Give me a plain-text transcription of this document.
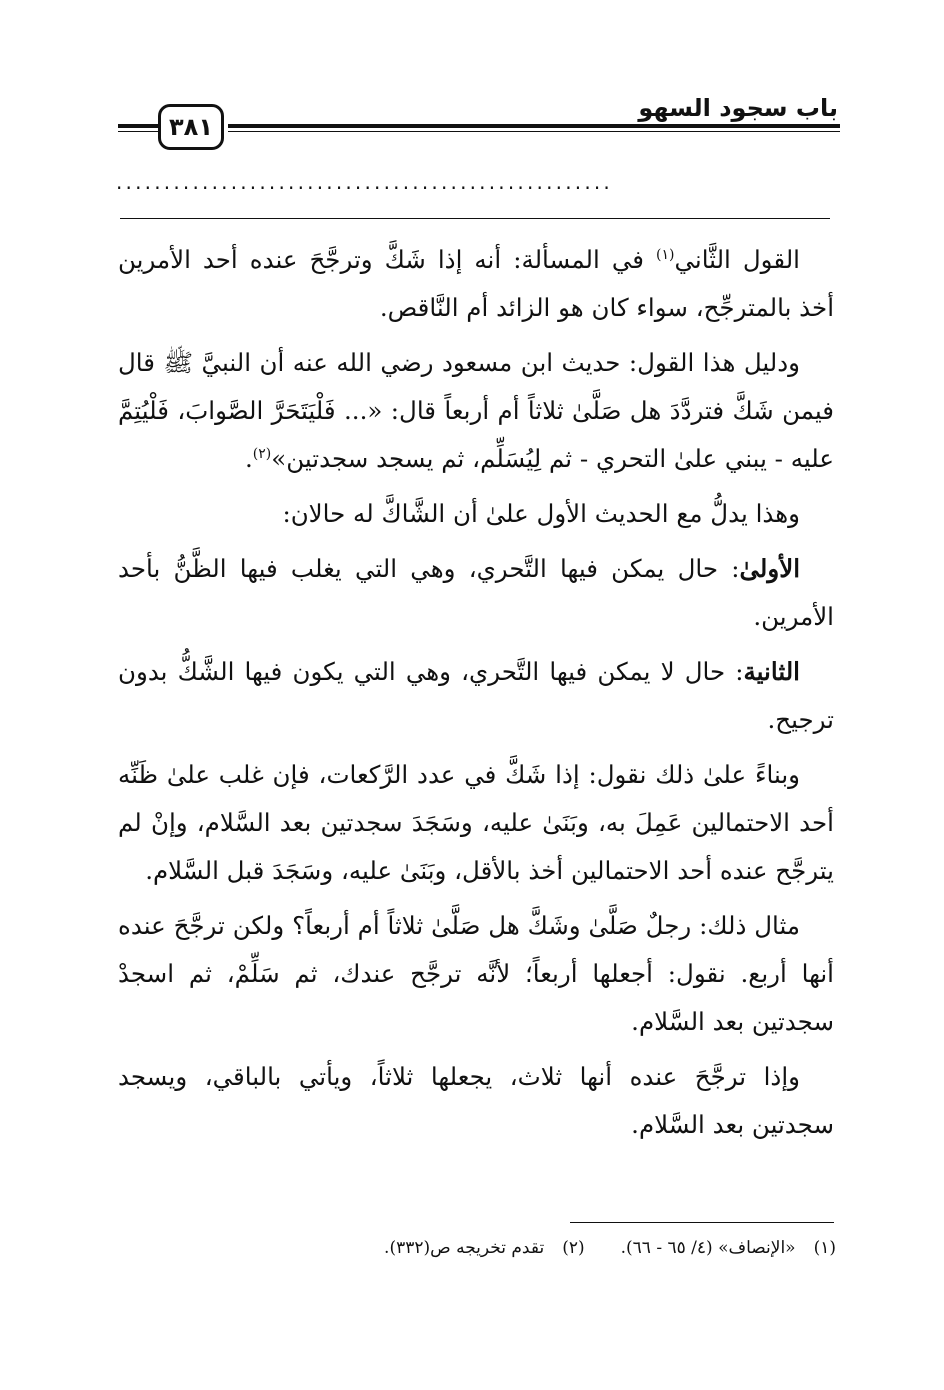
باب سجود السهو
٣٨١
....................................................

القول الثَّاني$^{(١)}$ في المسألة: أنه إذا شَكَّ وترجَّحَ عنده أحد الأمرين أخذ بالمترجِّح، سواء كان هو الزائد أم النَّاقص.

ودليل هذا القول: حديث ابن مسعود رضي الله عنه أن النبيَّ ﷺ قال فيمن شَكَّ فتردَّدَ هل صَلَّىٰ ثلاثاً أم أربعاً قال: «... فَلْيَتَحَرَّ الصَّوابَ، فَلْيُتِمَّ عليه - يبني علىٰ التحري - ثم لِيُسَلِّم، ثم يسجد سجدتين»$^{(٢)}$.

وهذا يدلُّ مع الحديث الأول علىٰ أن الشَّاكَّ له حالان:

الأولىٰ: حال يمكن فيها التَّحري، وهي التي يغلب فيها الظَّنُّ بأحد الأمرين.

الثانية: حال لا يمكن فيها التَّحري، وهي التي يكون فيها الشَّكُّ بدون ترجيح.

وبناءً علىٰ ذلك نقول: إذا شَكَّ في عدد الرَّكعات، فإن غلب علىٰ ظَنِّه أحد الاحتمالين عَمِلَ به، وبَنَىٰ عليه، وسَجَدَ سجدتين بعد السَّلام، وإنْ لم يترجَّح عنده أحد الاحتمالين أخذ بالأقل، وبَنَىٰ عليه، وسَجَدَ قبل السَّلام.

مثال ذلك: رجلٌ صَلَّىٰ وشَكَّ هل صَلَّىٰ ثلاثاً أم أربعاً؟ ولكن ترجَّحَ عنده أنها أربع. نقول: أجعلها أربعاً؛ لأنَّه ترجَّح عندك، ثم سَلِّمْ، ثم اسجدْ سجدتين بعد السَّلام.

وإذا ترجَّحَ عنده أنها ثلاث، يجعلها ثلاثاً، ويأتي بالباقي، ويسجد سجدتين بعد السَّلام.

(١)«الإنصاف» (٤/ ٦٥ - ٦٦).
(٢)تقدم تخريجه ص(٣٣٢).
